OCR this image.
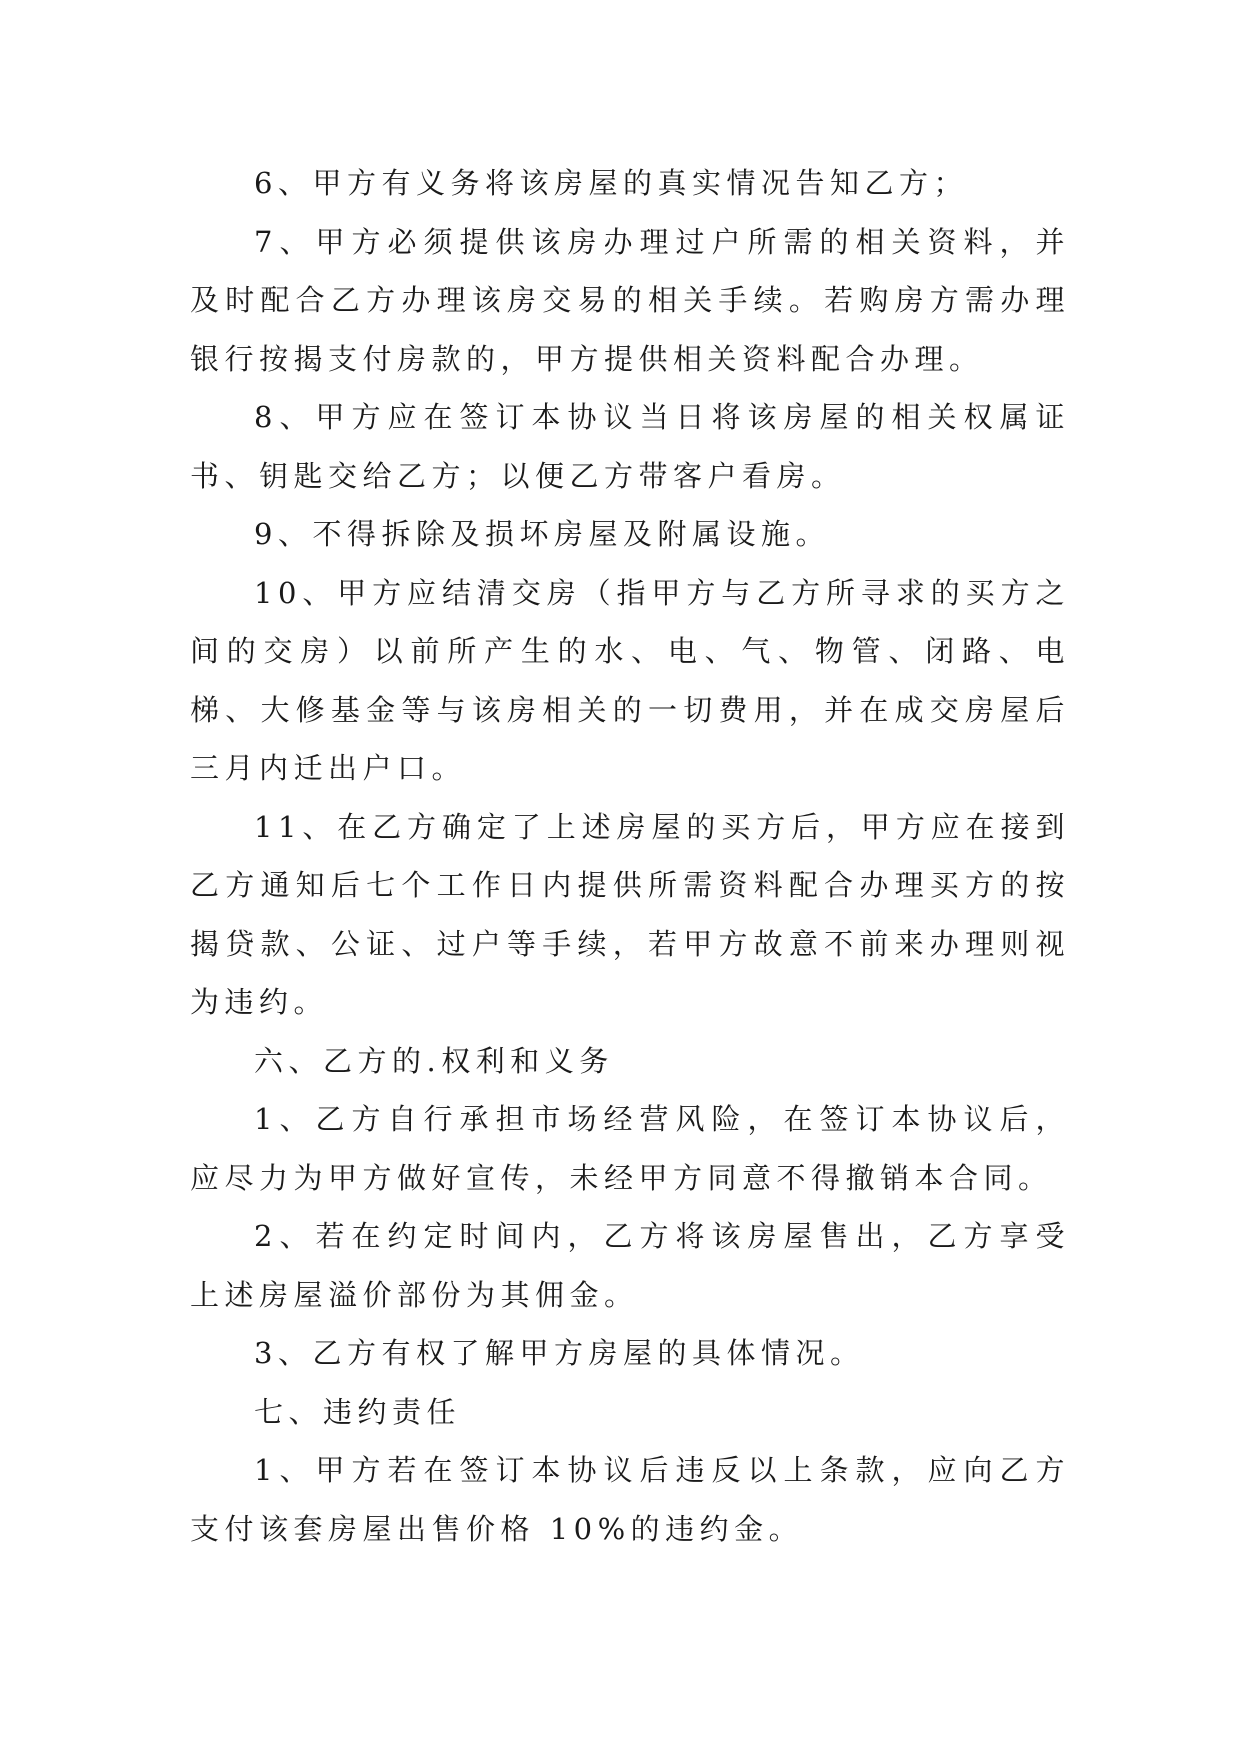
6、甲方有义务将该房屋的真实情况告知乙方；

7、甲方必须提供该房办理过户所需的相关资料，并及时配合乙方办理该房交易的相关手续。若购房方需办理银行按揭支付房款的，甲方提供相关资料配合办理。

8、甲方应在签订本协议当日将该房屋的相关权属证书、钥匙交给乙方；以便乙方带客户看房。

9、不得拆除及损坏房屋及附属设施。

10、甲方应结清交房（指甲方与乙方所寻求的买方之间的交房）以前所产生的水、电、气、物管、闭路、电梯、大修基金等与该房相关的一切费用，并在成交房屋后三月内迁出户口。

11、在乙方确定了上述房屋的买方后，甲方应在接到乙方通知后七个工作日内提供所需资料配合办理买方的按揭贷款、公证、过户等手续，若甲方故意不前来办理则视为违约。

六、乙方的.权利和义务

1、乙方自行承担市场经营风险，在签订本协议后，应尽力为甲方做好宣传，未经甲方同意不得撤销本合同。

2、若在约定时间内，乙方将该房屋售出，乙方享受上述房屋溢价部份为其佣金。

3、乙方有权了解甲方房屋的具体情况。

七、违约责任

1、甲方若在签订本协议后违反以上条款，应向乙方支付该套房屋出售价格 10%的违约金。
